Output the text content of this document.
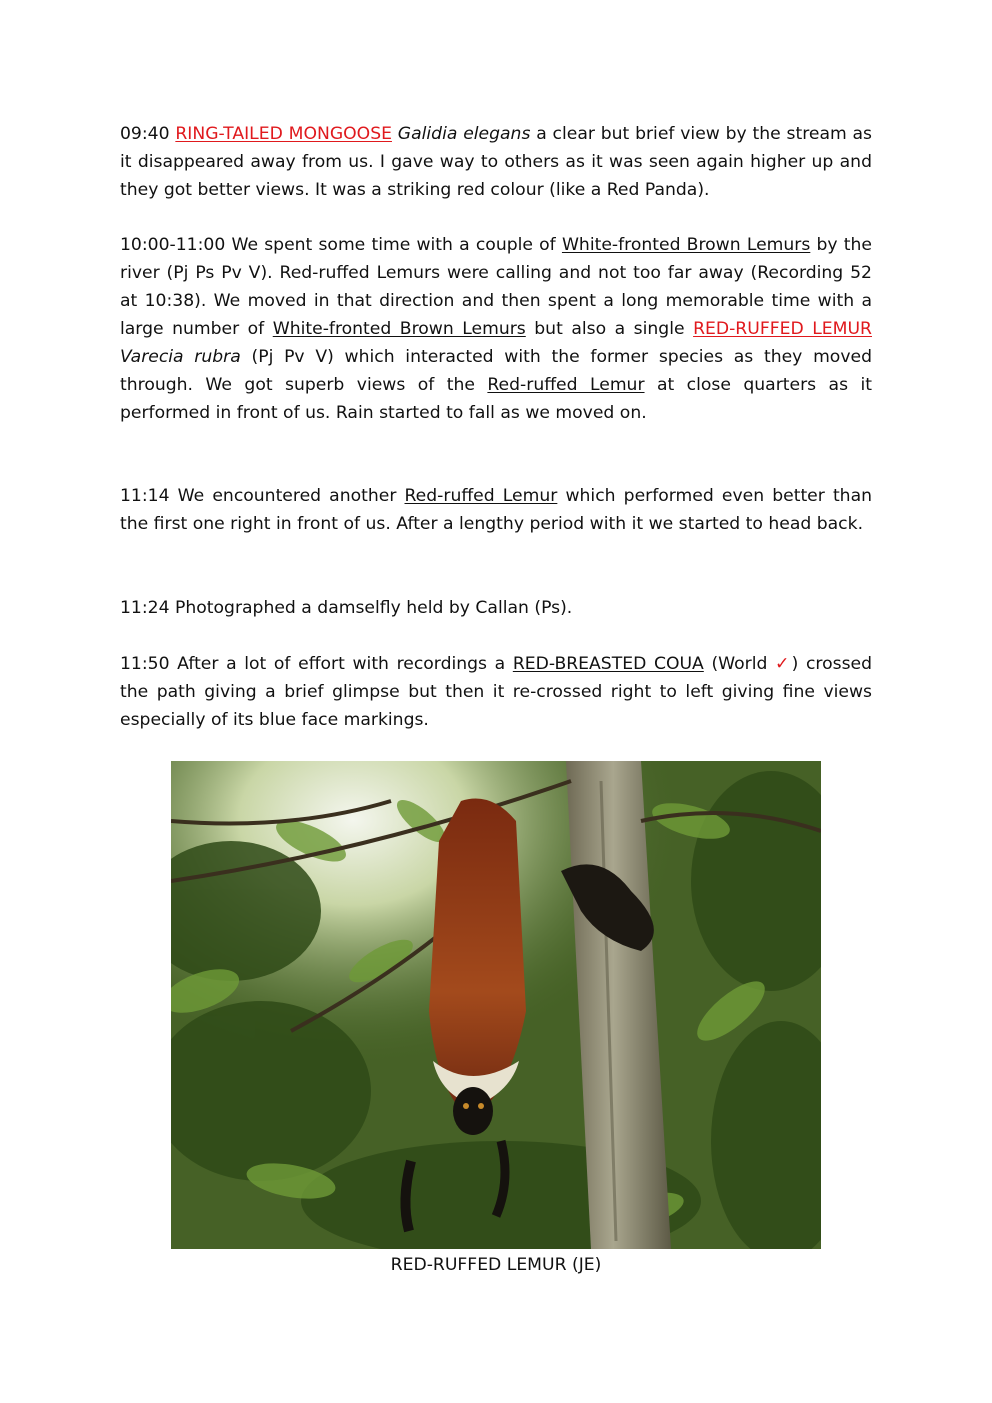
09:40 RING-TAILED MONGOOSE Galidia elegans a clear but brief view by the stream as it disappeared away from us. I gave way to others as it was seen again higher up and they got better views. It was a striking red colour (like a Red Panda).

10:00-11:00 We spent some time with a couple of White-fronted Brown Lemurs by the river (Pj Ps Pv V). Red-ruffed Lemurs were calling and not too far away (Recording 52 at 10:38). We moved in that direction and then spent a long memorable time with a large number of White-fronted Brown Lemurs but also a single RED-RUFFED LEMUR Varecia rubra (Pj Pv V) which interacted with the former species as they moved through. We got superb views of the Red-ruffed Lemur at close quarters as it performed in front of us. Rain started to fall as we moved on.

11:14 We encountered another Red-ruffed Lemur which performed even better than the first one right in front of us. After a lengthy period with it we started to head back.

11:24 Photographed a damselfly held by Callan (Ps).

11:50 After a lot of effort with recordings a RED-BREASTED COUA (World ✓) crossed the path giving a brief glimpse but then it re-crossed right to left giving fine views especially of its blue face markings.

RED-RUFFED LEMUR (JE)
